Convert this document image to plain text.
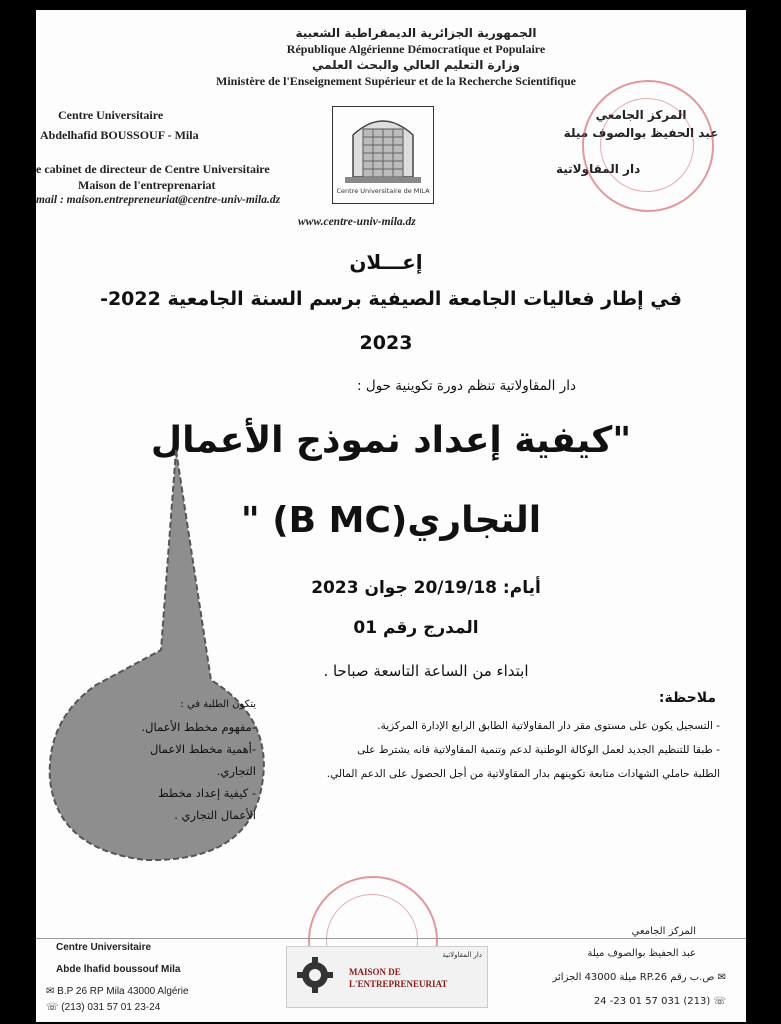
الجمهورية الجزائرية الديمقراطية الشعبية
République Algérienne Démocratique et Populaire
وزارة التعليم العالي والبحث العلمي
Ministère de l'Enseignement Supérieur et de la Recherche Scientifique
Centre Universitaire
Abdelhafid BOUSSOUF - Mila
e cabinet de directeur de Centre Universitaire
Maison de l'entreprenariat
mail : maison.entrepreneuriat@centre-univ-mila.dz
www.centre-univ-mila.dz
Centre Universitaire de MILA
المركز الجامعي
عبد الحفيظ بوالصوف ميلة
دار المقاولاتية
إعـــلان
في إطار فعاليات الجامعة الصيفية برسم السنة الجامعية 2022-
2023
دار المقاولاتية تنظم دورة تكوينية حول :
"كيفية إعداد نموذج الأعمال
التجاري(B MC) "
أيام: 20/19/18 جوان 2023
المدرج رقم 01
ابتداء من الساعة التاسعة صباحا .
ملاحظة:
- التسجيل يكون على مستوى مقر دار المقاولاتية الطابق الرابع الإدارة المركزية.
- طبقا للتنظيم الجديد لعمل الوكالة الوطنية لدعم وتنمية المقاولاتية فانه يشترط على
الطلبة حاملي الشهادات متابعة تكوينهم بدار المقاولاتية من أجل الحصول على الدعم المالي.
يتكون الطلبة في :
-مفهوم مخطط الأعمال.
-أهمية مخطط الاعمال
التجاري.
- كيفية إعداد مخطط
الأعمال التجاري .
Centre Universitaire
Abde lhafid boussouf Mila
✉ B.P 26 RP Mila 43000 Algérie
☏ (213) 031 57 01 23-24
MAISON DE
L'ENTREPRENEURIAT
دار المقاولاتية
المركز الجامعي
عبد الحفيظ بوالصوف ميلة
✉ ص.ب رقم RP.26 ميلة 43000 الجزائر
☏ (213) 031 57 01 23- 24
